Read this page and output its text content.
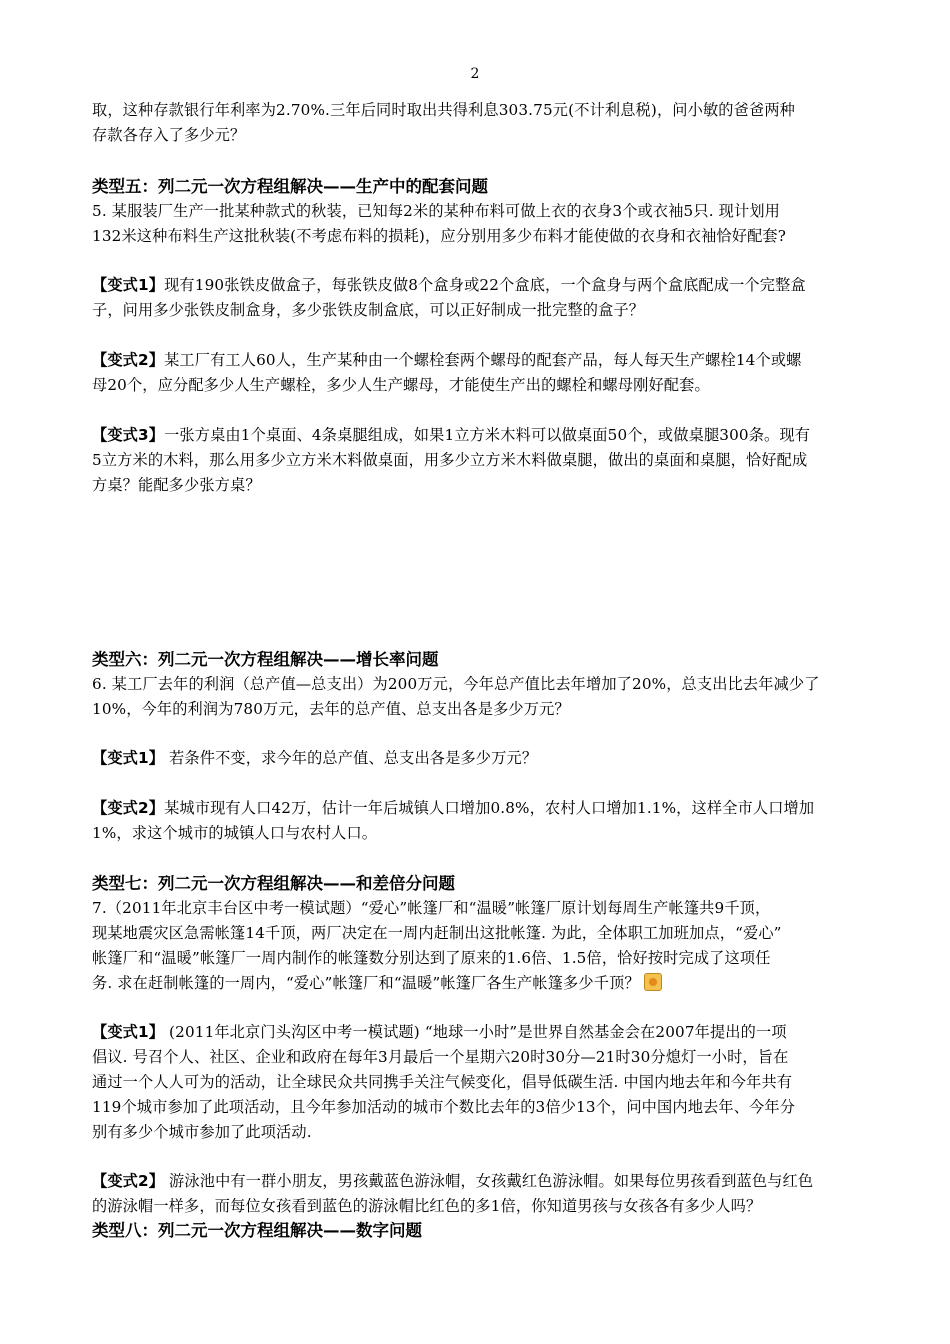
2
取，这种存款银行年利率为2.70%.三年后同时取出共得利息303.75元(不计利息税)，问小敏的爸爸两种
存款各存入了多少元？
类型五：列二元一次方程组解决——生产中的配套问题
5. 某服装厂生产一批某种款式的秋装，已知每2米的某种布料可做上衣的衣身3个或衣袖5只. 现计划用
132米这种布料生产这批秋装(不考虑布料的损耗)，应分别用多少布料才能使做的衣身和衣袖恰好配套?
【变式1】现有190张铁皮做盒子，每张铁皮做8个盒身或22个盒底，一个盒身与两个盒底配成一个完整盒
子，问用多少张铁皮制盒身，多少张铁皮制盒底，可以正好制成一批完整的盒子？
【变式2】某工厂有工人60人，生产某种由一个螺栓套两个螺母的配套产品，每人每天生产螺栓14个或螺
母20个，应分配多少人生产螺栓，多少人生产螺母，才能使生产出的螺栓和螺母刚好配套。
【变式3】一张方桌由1个桌面、4条桌腿组成，如果1立方米木料可以做桌面50个，或做桌腿300条。现有
5立方米的木料，那么用多少立方米木料做桌面，用多少立方米木料做桌腿，做出的桌面和桌腿，恰好配成
方桌？能配多少张方桌？
类型六：列二元一次方程组解决——增长率问题
6. 某工厂去年的利润（总产值—总支出）为200万元，今年总产值比去年增加了20%，总支出比去年减少了
10%，今年的利润为780万元，去年的总产值、总支出各是多少万元？
【变式1】 若条件不变，求今年的总产值、总支出各是多少万元？
【变式2】某城市现有人口42万，估计一年后城镇人口增加0.8%，农村人口增加1.1%，这样全市人口增加
1%，求这个城市的城镇人口与农村人口。
类型七：列二元一次方程组解决——和差倍分问题
7.（2011年北京丰台区中考一模试题）“爱心”帐篷厂和“温暖”帐篷厂原计划每周生产帐篷共9千顶，
现某地震灾区急需帐篷14千顶，两厂决定在一周内赶制出这批帐篷. 为此，全体职工加班加点，“爱心”
帐篷厂和“温暖”帐篷厂一周内制作的帐篷数分别达到了原来的1.6倍、1.5倍，恰好按时完成了这项任
务. 求在赶制帐篷的一周内，“爱心”帐篷厂和“温暖”帐篷厂各生产帐篷多少千顶？
【变式1】 (2011年北京门头沟区中考一模试题) “地球一小时”是世界自然基金会在2007年提出的一项
倡议. 号召个人、社区、企业和政府在每年3月最后一个星期六20时30分—21时30分熄灯一小时，旨在
通过一个人人可为的活动，让全球民众共同携手关注气候变化，倡导低碳生活. 中国内地去年和今年共有
119个城市参加了此项活动，且今年参加活动的城市个数比去年的3倍少13个，问中国内地去年、今年分
别有多少个城市参加了此项活动.
【变式2】 游泳池中有一群小朋友，男孩戴蓝色游泳帽，女孩戴红色游泳帽。如果每位男孩看到蓝色与红色
的游泳帽一样多，而每位女孩看到蓝色的游泳帽比红色的多1倍，你知道男孩与女孩各有多少人吗？
类型八：列二元一次方程组解决——数字问题
